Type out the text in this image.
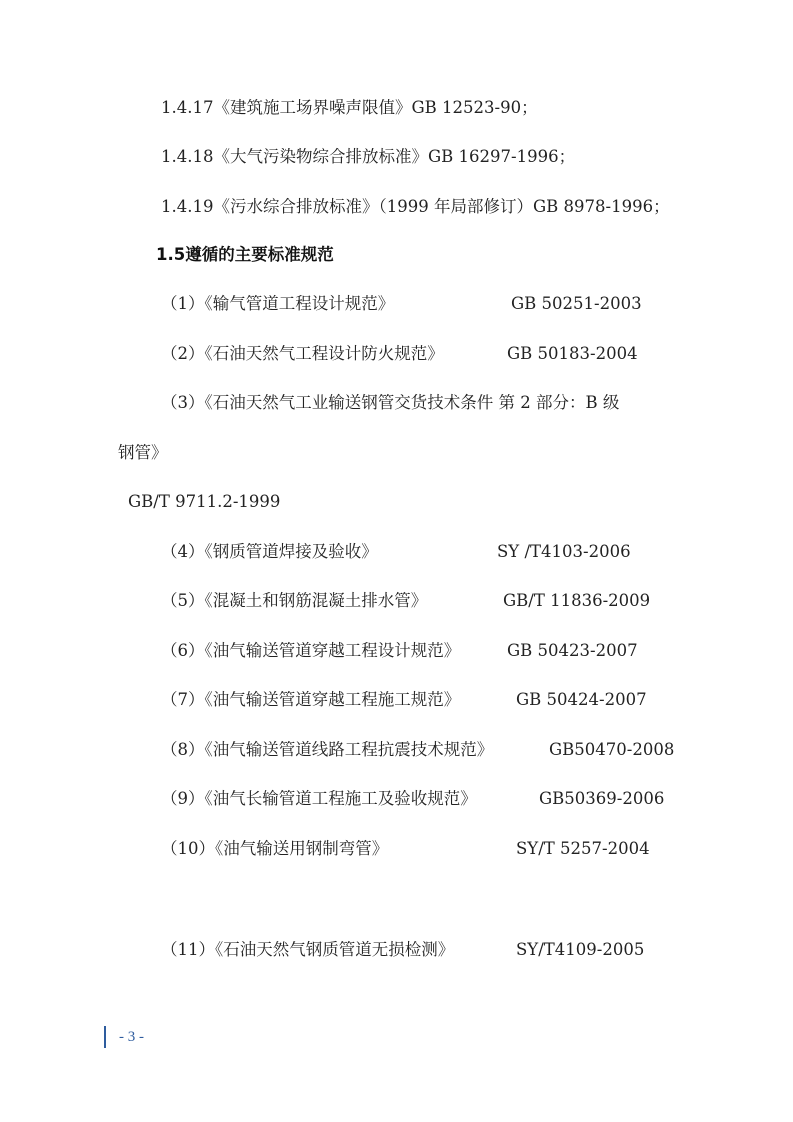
1.4.17《建筑施工场界噪声限值》GB 12523-90；
1.4.18《大气污染物综合排放标准》GB 16297-1996；
1.4.19《污水综合排放标准》（1999 年局部修订）GB 8978-1996；
1.5遵循的主要标准规范
（1）《输气管道工程设计规范》	GB 50251-2003
（2）《石油天然气工程设计防火规范》	GB 50183-2004
（3）《石油天然气工业输送钢管交货技术条件 第 2 部分：B 级
钢管》
GB/T 9711.2-1999
（4）《钢质管道焊接及验收》	SY /T4103-2006
（5）《混凝土和钢筋混凝土排水管》	GB/T 11836-2009
（6）《油气输送管道穿越工程设计规范》	GB 50423-2007
（7）《油气输送管道穿越工程施工规范》	GB 50424-2007
（8）《油气输送管道线路工程抗震技术规范》	GB50470-2008
（9）《油气长输管道工程施工及验收规范》	GB50369-2006
（10）《油气输送用钢制弯管》	SY/T 5257-2004
（11）《石油天然气钢质管道无损检测》	SY/T4109-2005
- 3 -
